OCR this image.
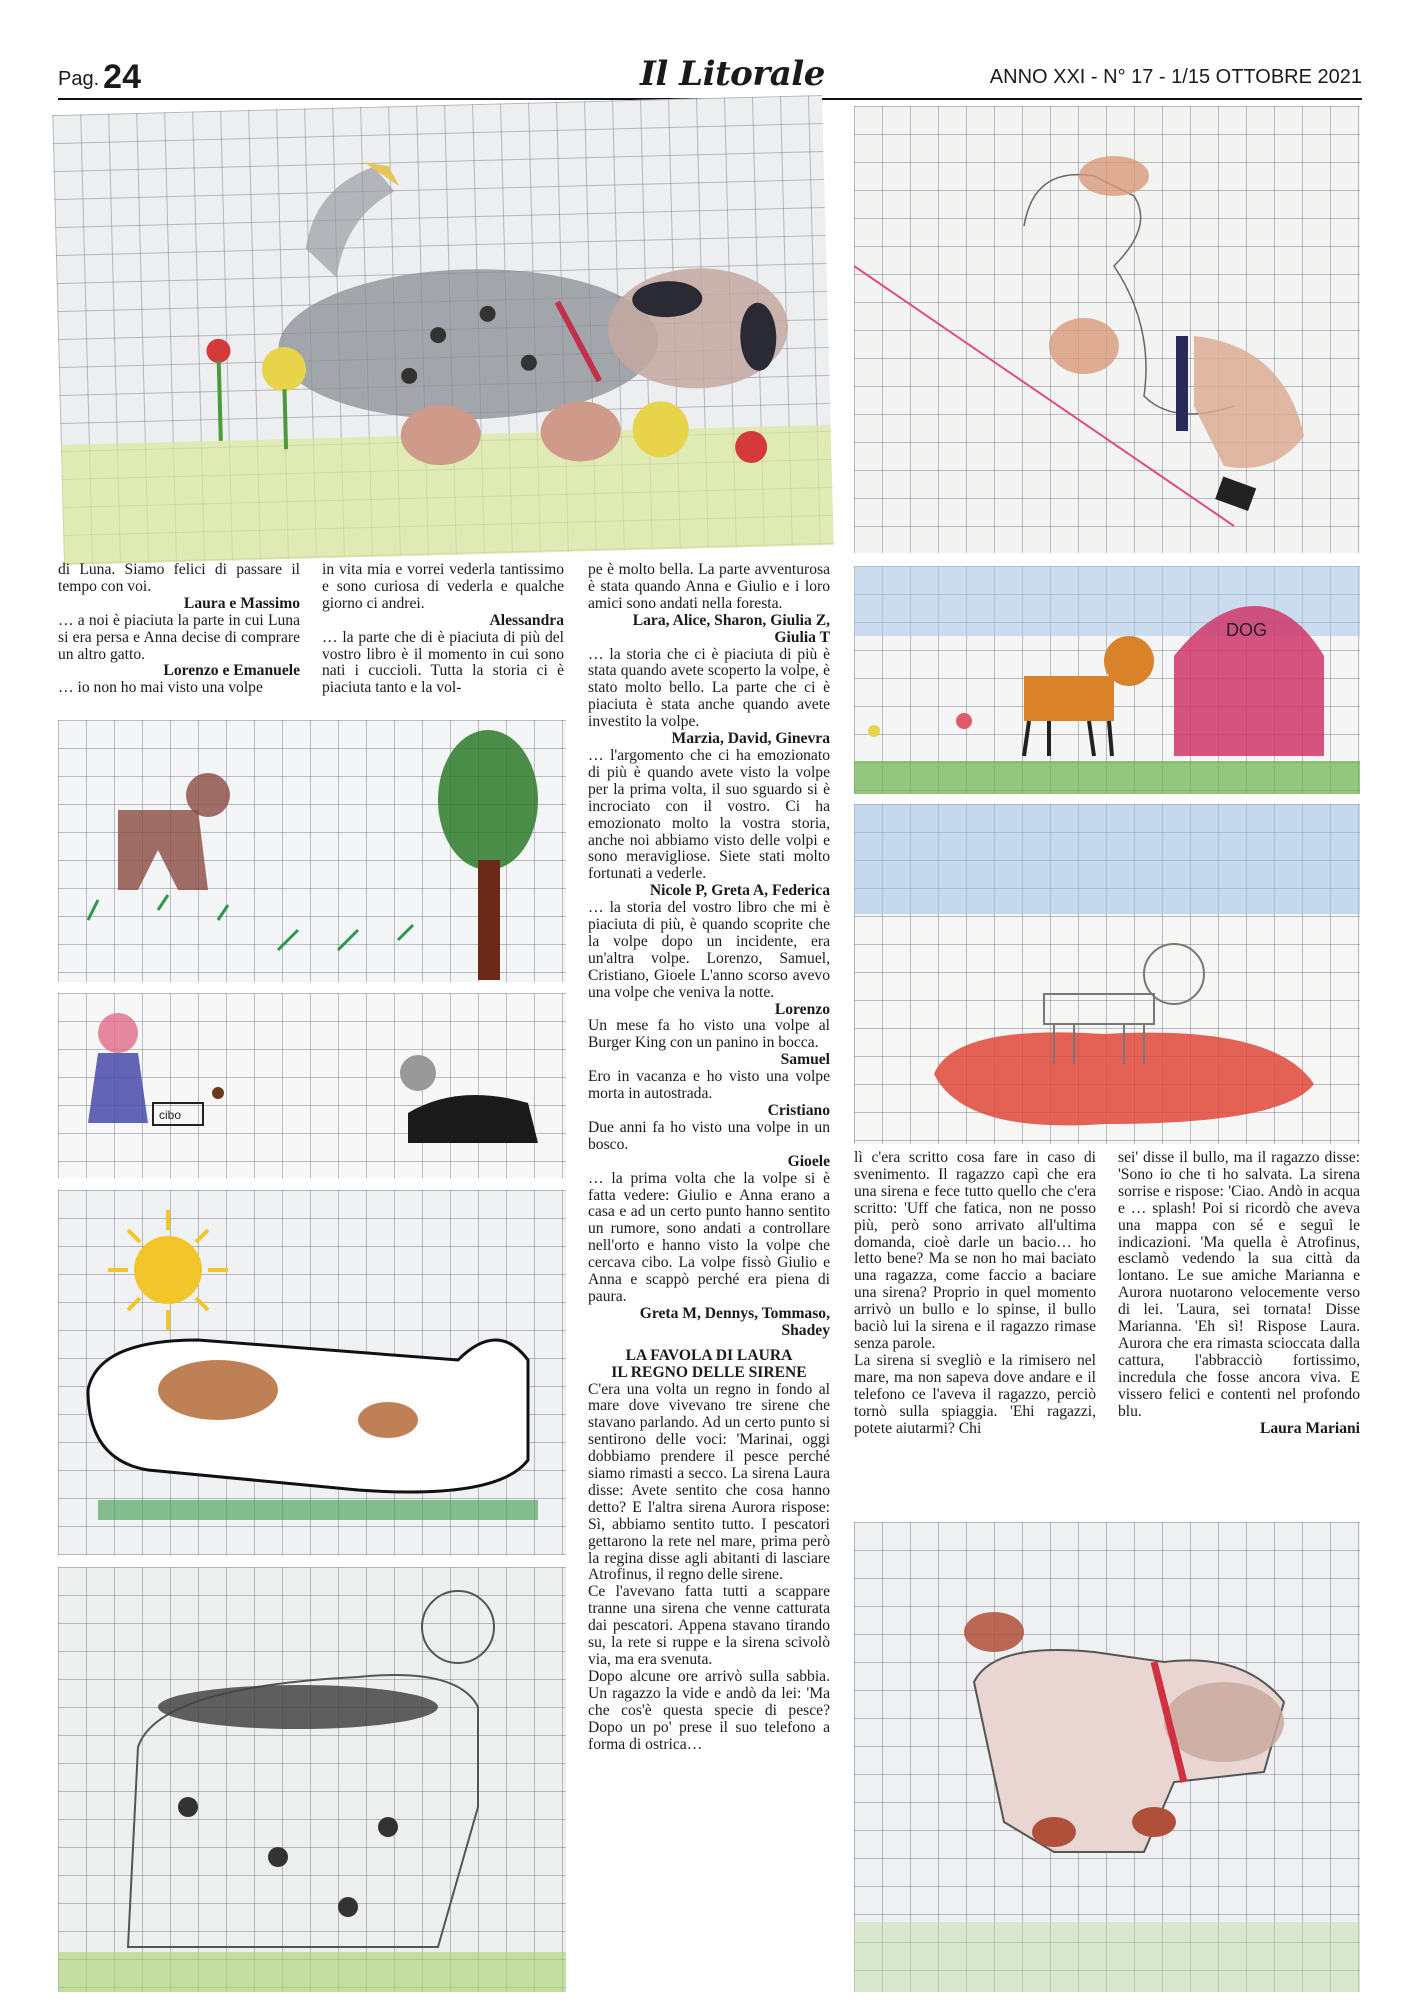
Pag. 24	Il Litorale	ANNO XXI - N° 17 - 1/15 OTTOBRE 2021
DOG

di Luna. Siamo felici di passare il tempo con voi.

Laura e Massimo

… a noi è piaciuta la parte in cui Luna si era persa e Anna decise di comprare un altro gatto.

Lorenzo e Emanuele

… io non ho mai visto una volpe

in vita mia e vorrei vederla tantissimo e sono curiosa di vederla e qualche giorno ci andrei.

Alessandra

… la parte che di è piaciuta di più del vostro libro è il momento in cui sono nati i cuccioli. Tutta la storia ci è piaciuta tanto e la vol-

cibo

pe è molto bella. La parte avventurosa è stata quando Anna e Giulio e i loro amici sono andati nella foresta.

Lara, Alice, Sharon, Giulia Z, Giulia T

… la storia che ci è piaciuta di più è stata quando avete scoperto la volpe, è stato molto bello. La parte che ci è piaciuta è stata anche quando avete investito la volpe.

Marzia, David, Ginevra

… l'argomento che ci ha emozionato di più è quando avete visto la volpe per la prima volta, il suo sguardo si è incrociato con il vostro. Ci ha emozionato molto la vostra storia, anche noi abbiamo visto delle volpi e sono meravigliose. Siete stati molto fortunati a vederle.

Nicole P, Greta A, Federica

… la storia del vostro libro che mi è piaciuta di più, è quando scoprite che la volpe dopo un incidente, era un'altra volpe. Lorenzo, Samuel, Cristiano, Gioele L'anno scorso avevo una volpe che veniva la notte.

Lorenzo

Un mese fa ho visto una volpe al Burger King con un panino in bocca.

Samuel

Ero in vacanza e ho visto una volpe morta in autostrada.

Cristiano

Due anni fa ho visto una volpe in un bosco.

Gioele

… la prima volta che la volpe si è fatta vedere: Giulio e Anna erano a casa e ad un certo punto hanno sentito un rumore, sono andati a controllare nell'orto e hanno visto la volpe che cercava cibo. La volpe fissò Giulio e Anna e scappò perché era piena di paura.

Greta M, Dennys, Tommaso, Shadey

LA FAVOLA DI LAURA

IL REGNO DELLE SIRENE

C'era una volta un regno in fondo al mare dove vivevano tre sirene che stavano parlando. Ad un certo punto si sentirono delle voci: 'Marinai, oggi dobbiamo prendere il pesce perché siamo rimasti a secco. La sirena Laura disse: Avete sentito che cosa hanno detto? E l'altra sirena Aurora rispose: Sì, abbiamo sentito tutto. I pescatori gettarono la rete nel mare, prima però la regina disse agli abitanti di lasciare Atrofinus, il regno delle sirene.

Ce l'avevano fatta tutti a scappare tranne una sirena che venne catturata dai pescatori. Appena stavano tirando su, la rete si ruppe e la sirena scivolò via, ma era svenuta.

Dopo alcune ore arrivò sulla sabbia. Un ragazzo la vide e andò da lei: 'Ma che cos'è questa specie di pesce? Dopo un po' prese il suo telefono a forma di ostrica…

lì c'era scritto cosa fare in caso di svenimento. Il ragazzo capì che era una sirena e fece tutto quello che c'era scritto: 'Uff che fatica, non ne posso più, però sono arrivato all'ultima domanda, cioè darle un bacio… ho letto bene? Ma se non ho mai baciato una ragazza, come faccio a baciare una sirena? Proprio in quel momento arrivò un bullo e lo spinse, il bullo baciò lui la sirena e il ragazzo rimase senza parole.

La sirena si svegliò e la rimisero nel mare, ma non sapeva dove andare e il telefono ce l'aveva il ragazzo, perciò tornò sulla spiaggia. 'Ehi ragazzi, potete aiutarmi? Chi

sei' disse il bullo, ma il ragazzo disse: 'Sono io che ti ho salvata. La sirena sorrise e rispose: 'Ciao. Andò in acqua e … splash! Poi si ricordò che aveva una mappa con sé e seguì le indicazioni. 'Ma quella è Atrofinus, esclamò vedendo la sua città da lontano. Le sue amiche Marianna e Aurora nuotarono velocemente verso di lei. 'Laura, sei tornata! Disse Marianna. 'Eh sì! Rispose Laura. Aurora che era rimasta scioccata dalla cattura, l'abbracciò fortissimo, incredula che fosse ancora viva. E vissero felici e contenti nel profondo blu.

Laura Mariani
